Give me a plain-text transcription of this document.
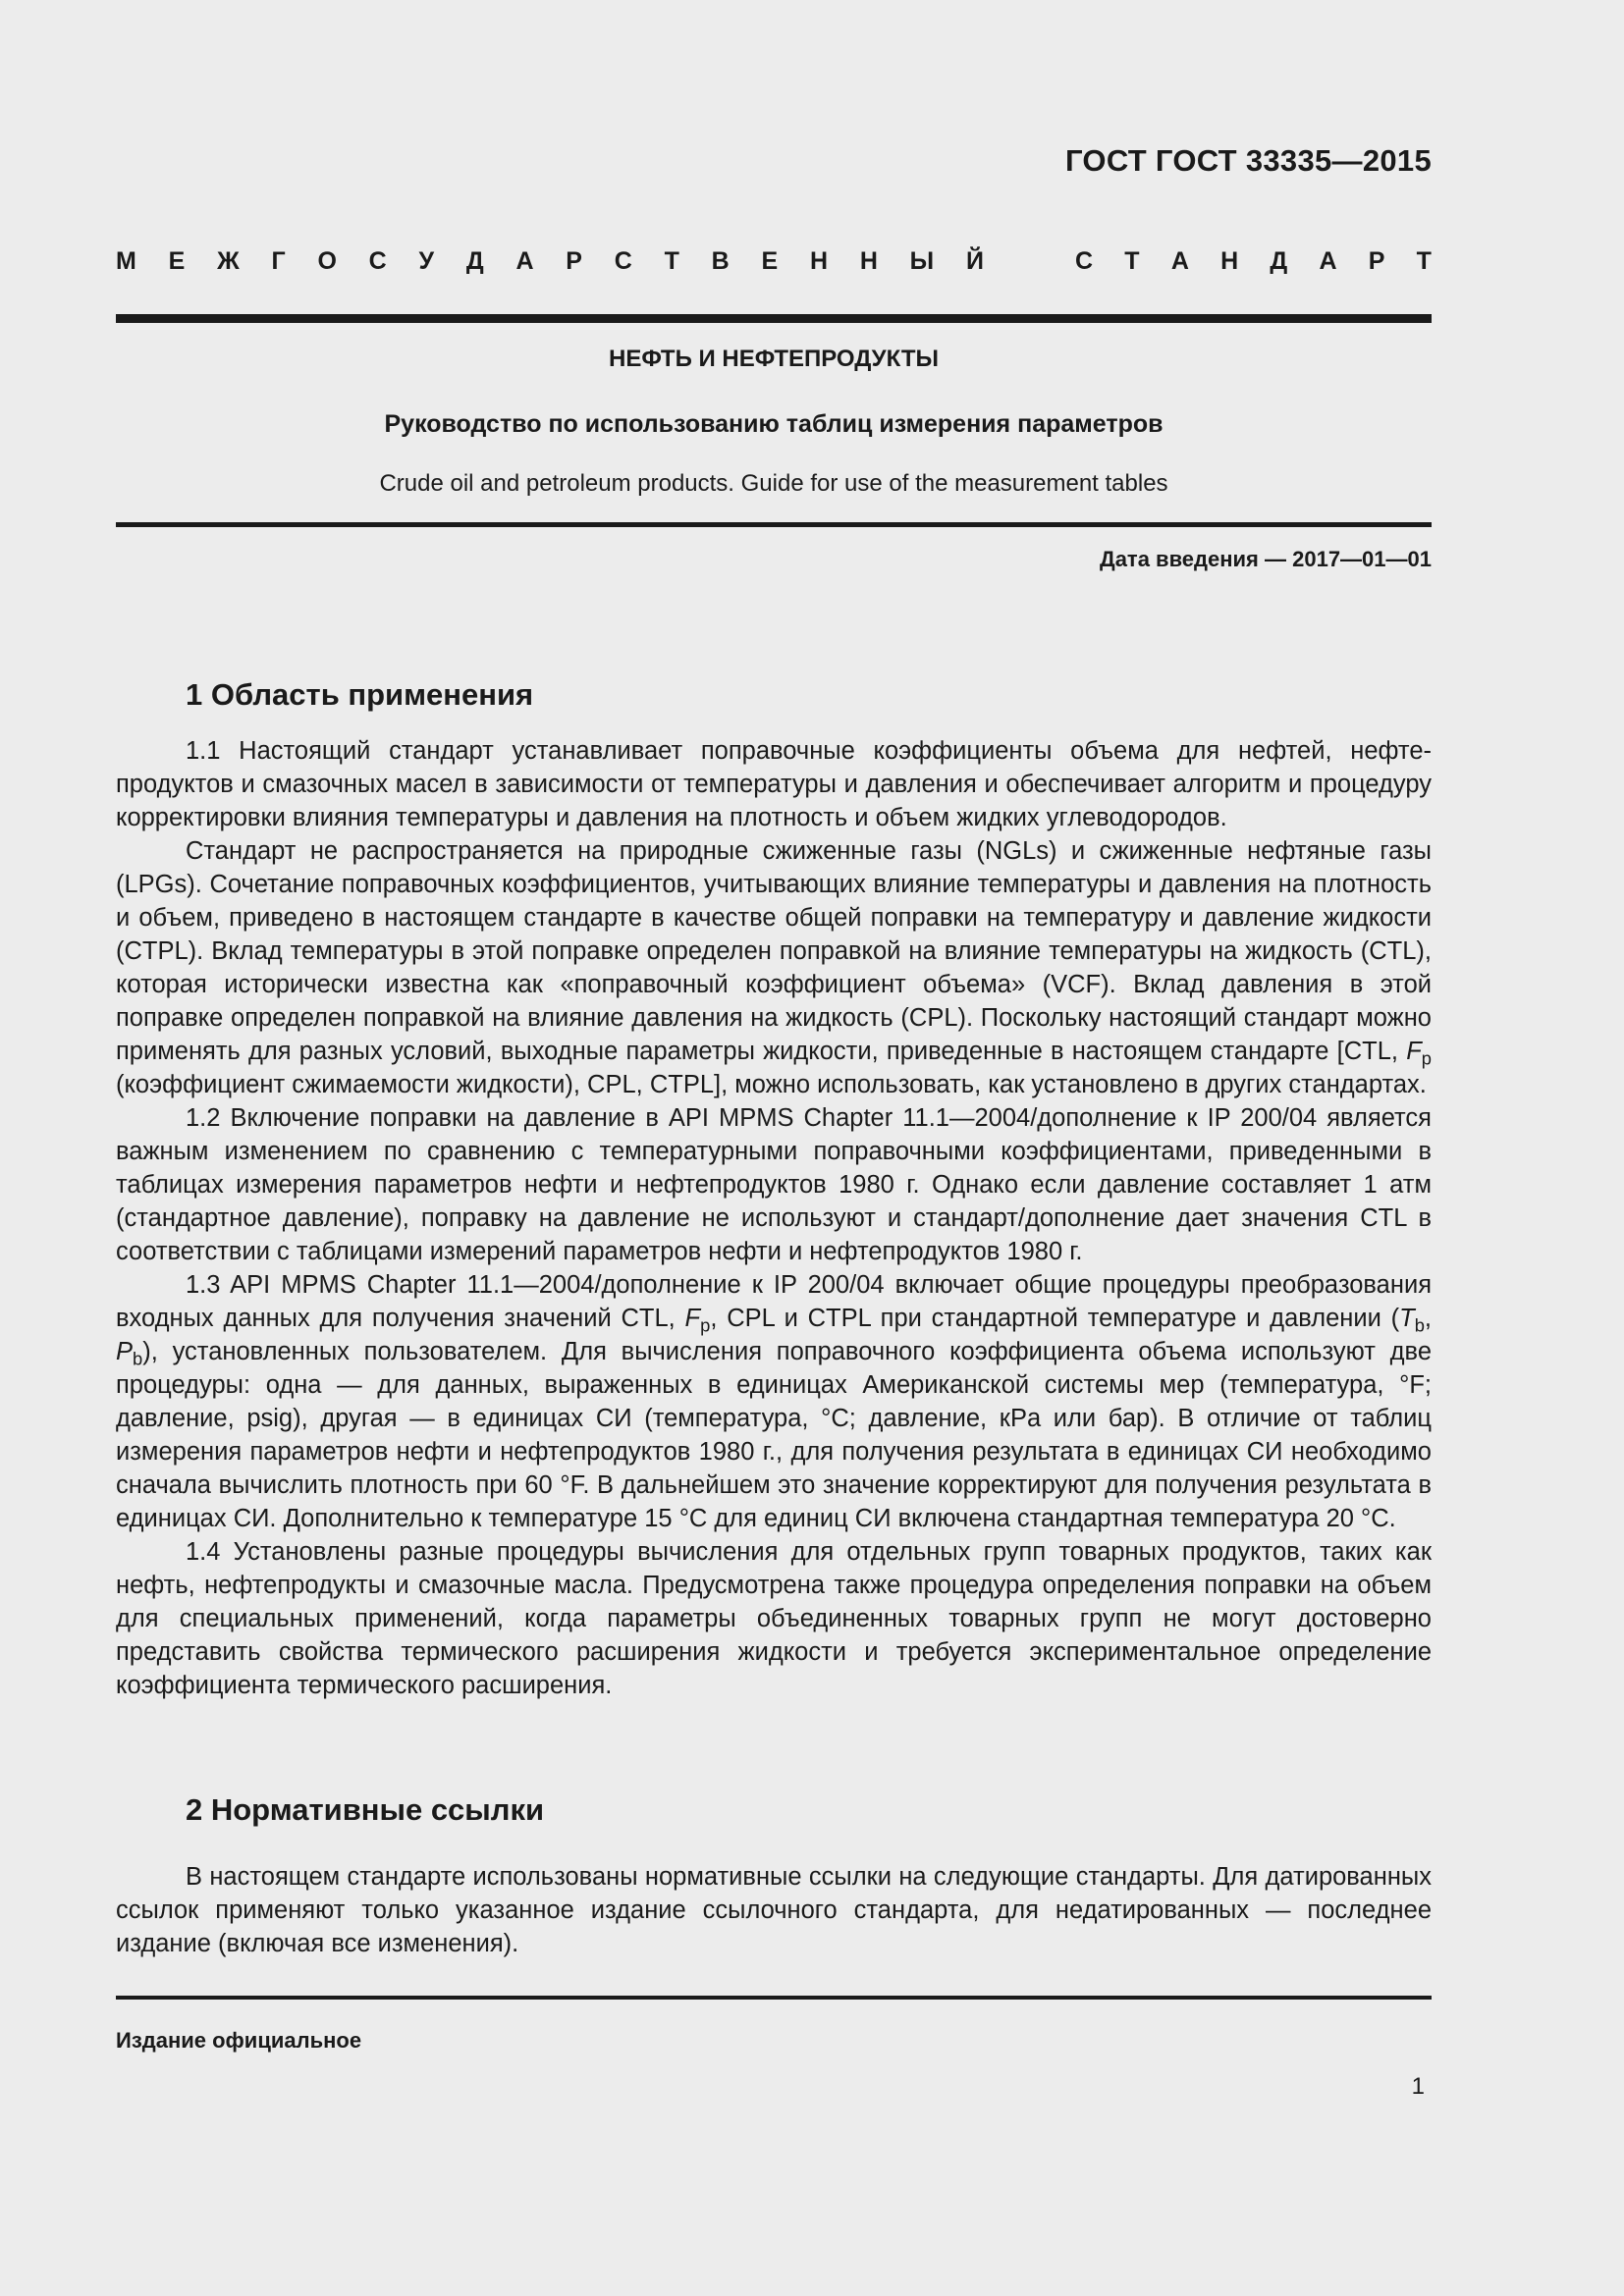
ГОСТ ГОСТ 33335—2015
М Е Ж Г О С У Д А Р С Т В Е Н Н Ы Й	С Т А Н Д А Р Т
НЕФТЬ И НЕФТЕПРОДУКТЫ
Руководство по использованию таблиц измерения параметров
Crude oil and petroleum products. Guide for use of the measurement tables
Дата введения — 2017—01—01
1 Область применения

1.1 Настоящий стандарт устанавливает поправочные коэффициенты объема для нефтей, нефтепродуктов и смазочных масел в зависимости от температуры и давления и обеспечивает алгоритм и процедуру корректировки влияния температуры и давления на плотность и объем жидких углеводородов.

Стандарт не распространяется на природные сжиженные газы (NGLs) и сжиженные нефтяные газы (LPGs). Сочетание поправочных коэффициентов, учитывающих влияние температуры и давления на плотность и объем, приведено в настоящем стандарте в качестве общей поправки на температуру и давление жидкости (CTPL). Вклад температуры в этой поправке определен поправкой на влияние температуры на жидкость (CTL), которая исторически известна как «поправочный коэффициент объема» (VCF). Вклад давления в этой поправке определен поправкой на влияние давления на жидкость (CPL). Поскольку настоящий стандарт можно применять для разных условий, выходные параметры жидкости, приведенные в настоящем стандарте [CTL, $F_p$ (коэффициент сжимаемости жидкости), CPL, CTPL], можно использовать, как установлено в других стандартах.

1.2 Включение поправки на давление в API MPMS Chapter 11.1—2004/дополнение к IP 200/04 является важным изменением по сравнению с температурными поправочными коэффициентами, приведенными в таблицах измерения параметров нефти и нефтепродуктов 1980 г. Однако если давление составляет 1 атм (стандартное давление), поправку на давление не используют и стандарт/дополнение дает значения CTL в соответствии с таблицами измерений параметров нефти и нефтепродуктов 1980 г.

1.3 API MPMS Chapter 11.1—2004/дополнение к IP 200/04 включает общие процедуры преобразования входных данных для получения значений CTL, $F_p$, CPL и CTPL при стандартной температуре и давлении ($T_b$, $P_b$), установленных пользователем. Для вычисления поправочного коэффициента объема используют две процедуры: одна — для данных, выраженных в единицах Американской системы мер (температура, °F; давление, psig), другая — в единицах СИ (температура, °C; давление, кPa или бар). В отличие от таблиц измерения параметров нефти и нефтепродуктов 1980 г., для получения результата в единицах СИ необходимо сначала вычислить плотность при 60 °F. В дальнейшем это значение корректируют для получения результата в единицах СИ. Дополнительно к температуре 15 °C для единиц СИ включена стандартная температура 20 °C.

1.4 Установлены разные процедуры вычисления для отдельных групп товарных продуктов, таких как нефть, нефтепродукты и смазочные масла. Предусмотрена также процедура определения поправки на объем для специальных применений, когда параметры объединенных товарных групп не могут достоверно представить свойства термического расширения жидкости и требуется экспериментальное определение коэффициента термического расширения.

2 Нормативные ссылки

В настоящем стандарте использованы нормативные ссылки на следующие стандарты. Для датированных ссылок применяют только указанное издание ссылочного стандарта, для недатированных — последнее издание (включая все изменения).

Издание официальное
1
